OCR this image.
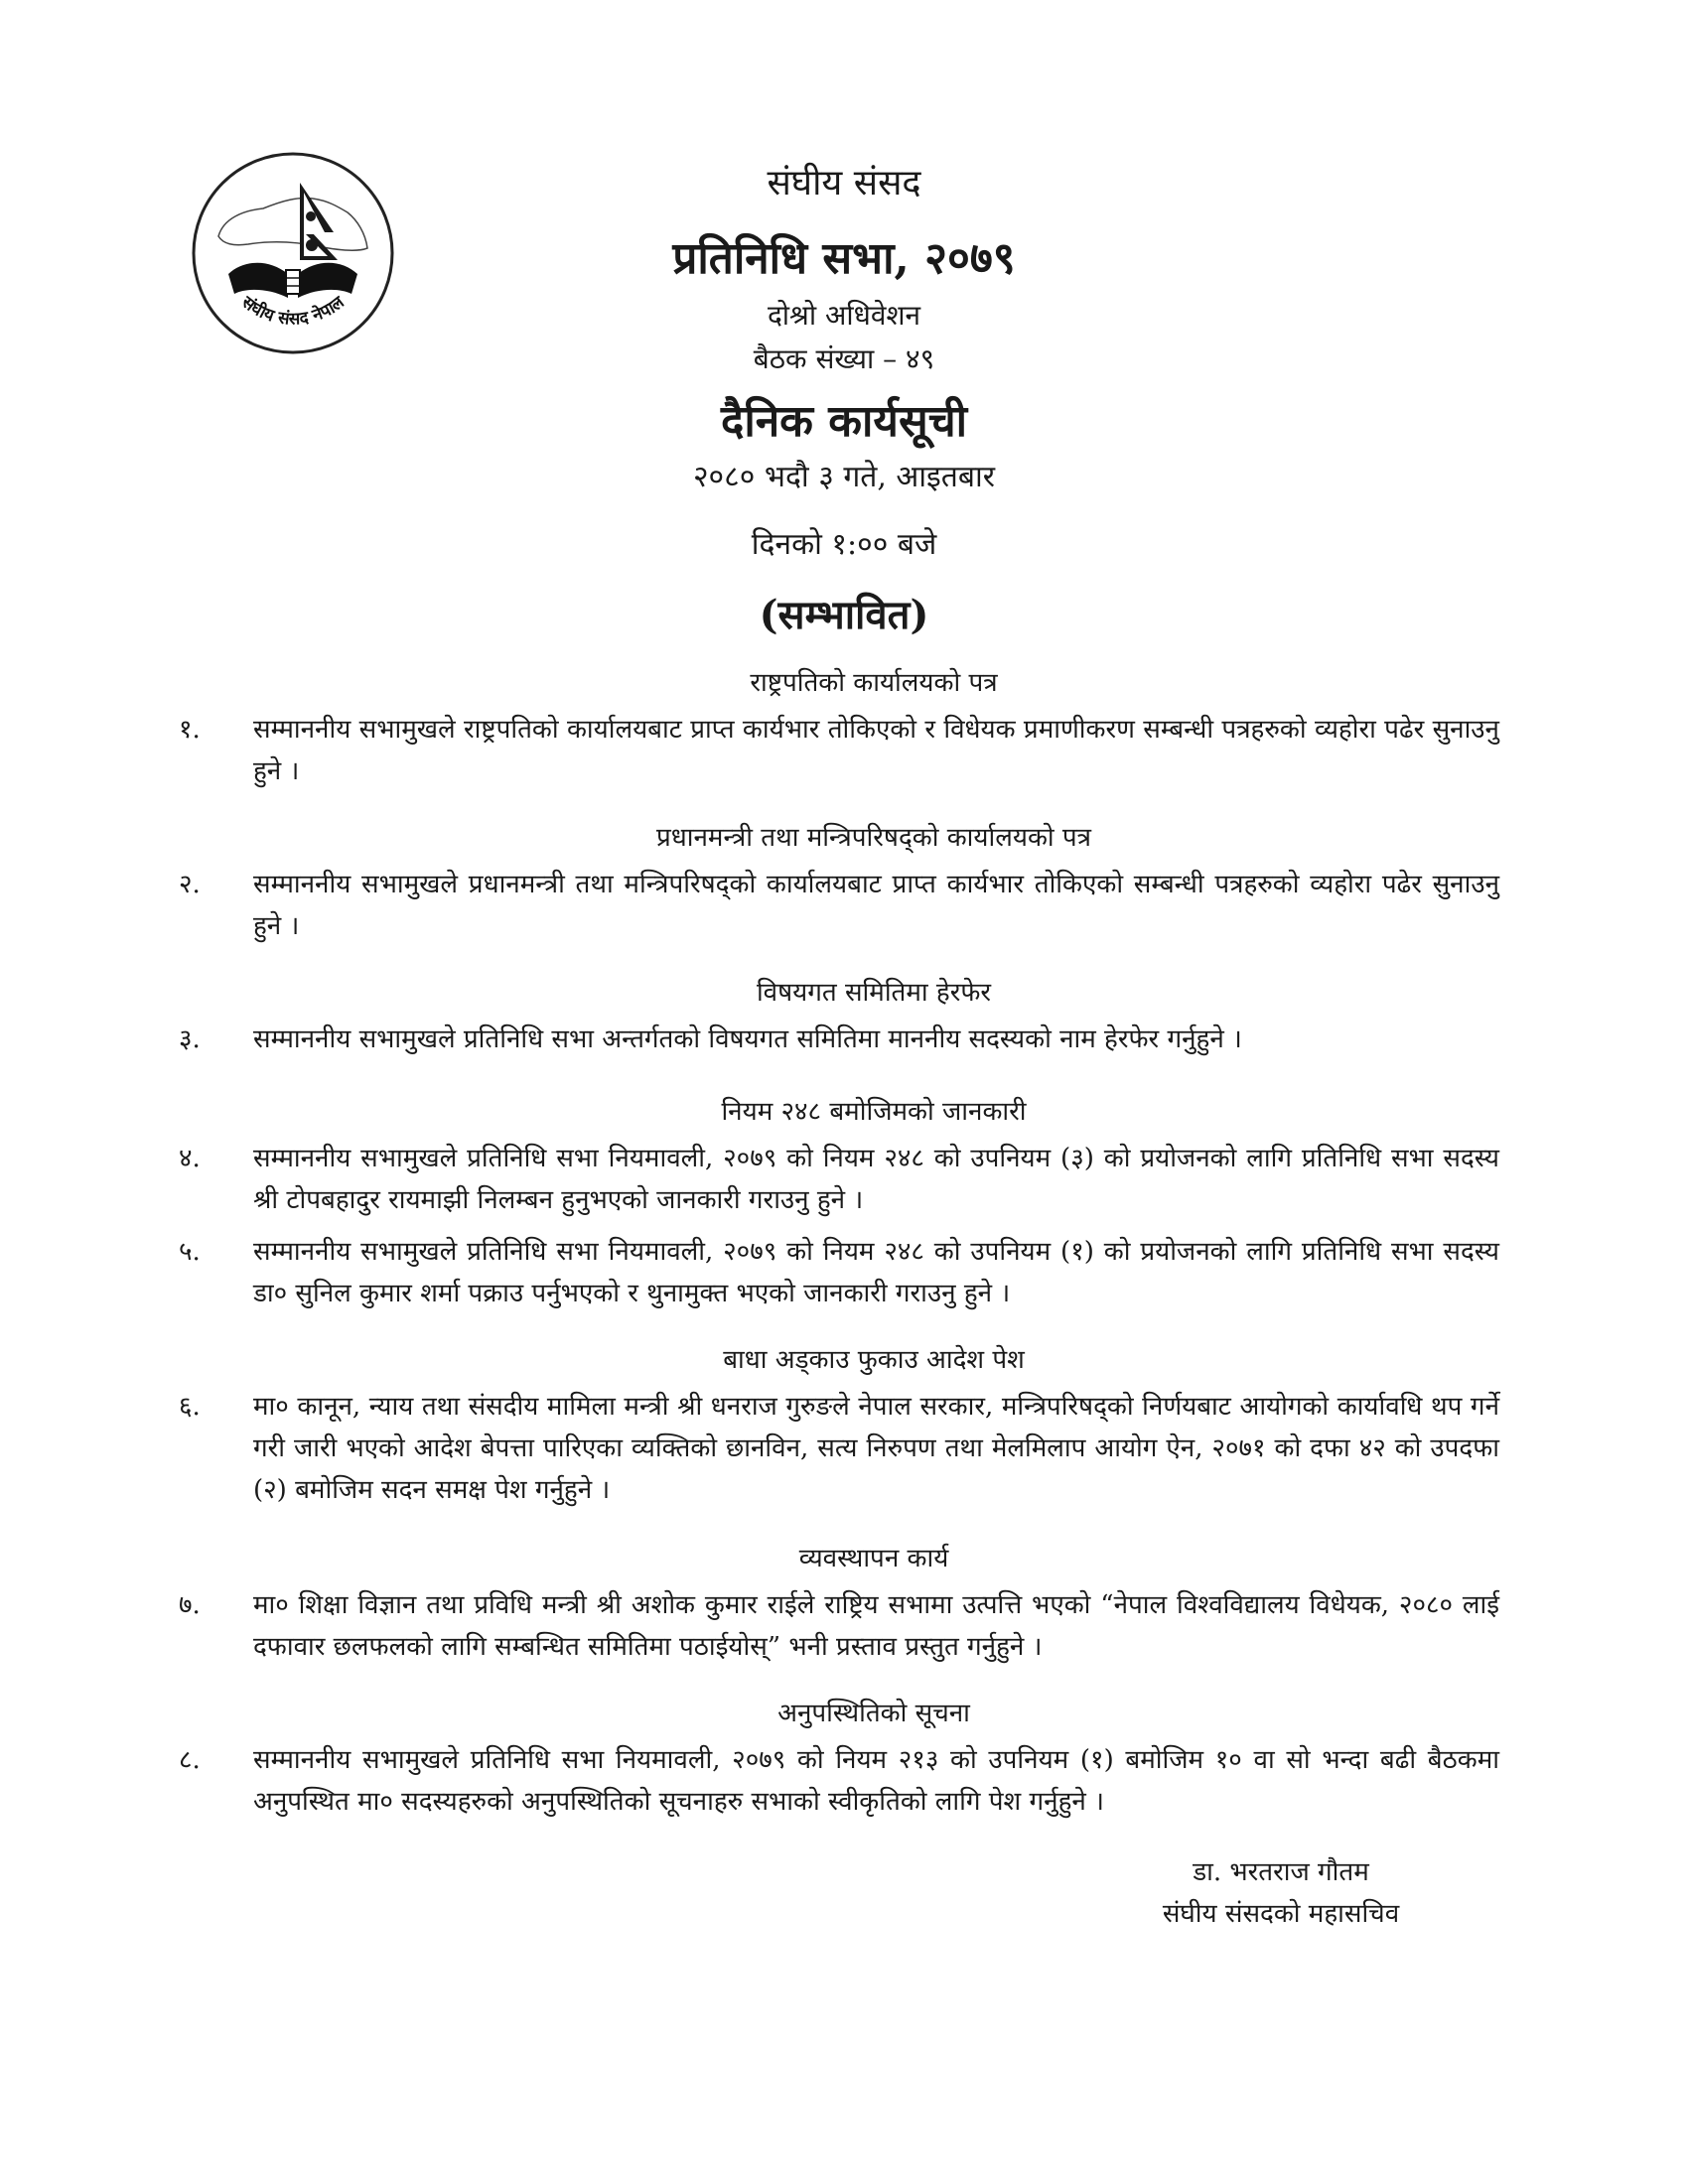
संघीय संसद नेपाल
संघीय संसद
प्रतिनिधि सभा, २०७९
दोश्रो अधिवेशन
बैठक संख्या – ४९
दैनिक कार्यसूची
२०८० भदौ ३ गते, आइतबार
दिनको १:०० बजे
(सम्भावित)
राष्ट्रपतिको कार्यालयको पत्र
१.	सम्माननीय सभामुखले राष्ट्रपतिको कार्यालयबाट प्राप्त कार्यभार तोकिएको र विधेयक प्रमाणीकरण सम्बन्धी पत्रहरुको व्यहोरा पढेर सुनाउनु हुने ।
प्रधानमन्त्री तथा मन्त्रिपरिषद्को कार्यालयको पत्र
२.	सम्माननीय सभामुखले प्रधानमन्त्री तथा मन्त्रिपरिषद्को कार्यालयबाट प्राप्त कार्यभार तोकिएको सम्बन्धी पत्रहरुको व्यहोरा पढेर सुनाउनु हुने ।
विषयगत समितिमा हेरफेर
३.	सम्माननीय सभामुखले प्रतिनिधि सभा अन्तर्गतको विषयगत समितिमा माननीय सदस्यको नाम हेरफेर गर्नुहुने ।
नियम २४८ बमोजिमको जानकारी
४.	सम्माननीय सभामुखले प्रतिनिधि सभा नियमावली, २०७९ को नियम २४८ को उपनियम (३) को प्रयोजनको लागि प्रतिनिधि सभा सदस्य श्री टोपबहादुर रायमाझी निलम्बन हुनुभएको जानकारी गराउनु हुने ।
५.	सम्माननीय सभामुखले प्रतिनिधि सभा नियमावली, २०७९ को नियम २४८ को उपनियम (१) को प्रयोजनको लागि प्रतिनिधि सभा सदस्य डा० सुनिल कुमार शर्मा पक्राउ पर्नुभएको र थुनामुक्त भएको जानकारी गराउनु हुने ।
बाधा अड्काउ फुकाउ आदेश पेश
६.	मा० कानून, न्याय तथा संसदीय मामिला मन्त्री श्री धनराज गुरुङले नेपाल सरकार, मन्त्रिपरिषद्को निर्णयबाट आयोगको कार्यावधि थप गर्ने गरी जारी भएको आदेश बेपत्ता पारिएका व्यक्तिको छानविन, सत्य निरुपण तथा मेलमिलाप आयोग ऐन, २०७१ को दफा ४२ को उपदफा (२) बमोजिम सदन समक्ष पेश गर्नुहुने ।
व्यवस्थापन कार्य
७.	मा० शिक्षा विज्ञान तथा प्रविधि मन्त्री श्री अशोक कुमार राईले राष्ट्रिय सभामा उत्पत्ति भएको “नेपाल विश्वविद्यालय विधेयक, २०८० लाई दफावार छलफलको लागि सम्बन्धित समितिमा पठाईयोस्” भनी प्रस्ताव प्रस्तुत गर्नुहुने ।
अनुपस्थितिको सूचना
८.	सम्माननीय सभामुखले प्रतिनिधि सभा नियमावली, २०७९ को नियम २१३ को उपनियम (१) बमोजिम १० वा सो भन्दा बढी बैठकमा अनुपस्थित मा० सदस्यहरुको अनुपस्थितिको सूचनाहरु सभाको स्वीकृतिको लागि पेश गर्नुहुने ।
डा. भरतराज गौतम
संघीय संसदको महासचिव
